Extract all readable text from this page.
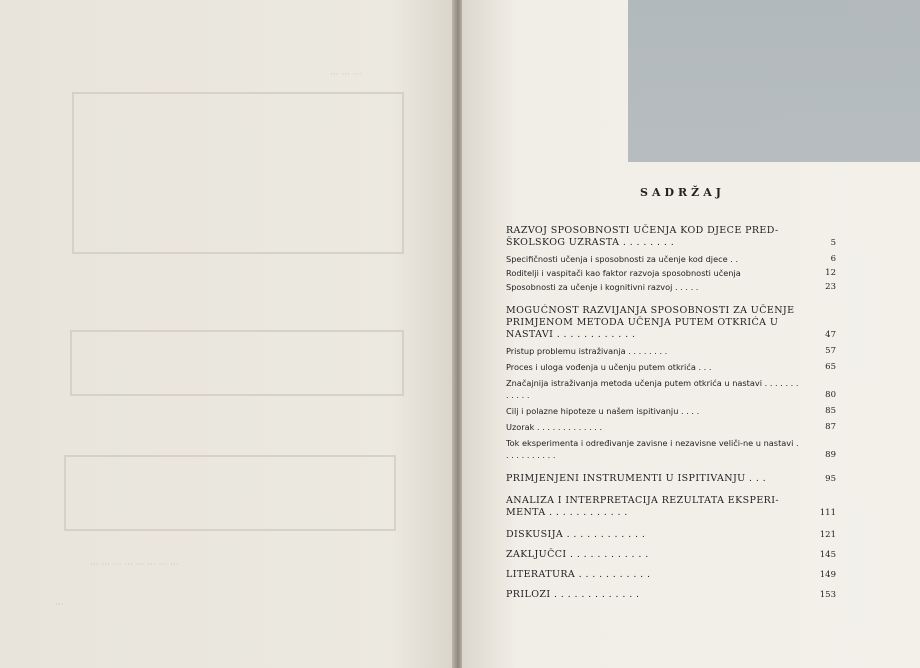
··· ··· ···
··· ··· ··· ··· ··· ··· ··· ···
···
SADRŽAJ
RAZVOJ SPOSOBNOSTI UČENJA KOD DJECE PRED-ŠKOLSKOG UZRASTA . . . . . . . .	5
Specifičnosti učenja i sposobnosti za učenje kod djece . .	6
Roditelji i vaspitači kao faktor razvoja sposobnosti učenja	12
Sposobnosti za učenje i kognitivni razvoj . . . . .	23
MOGUĆNOST RAZVIJANJA SPOSOBNOSTI ZA UČENJE PRIMJENOM METODA UČENJA PUTEM OTKRIĆA U NASTAVI . . . . . . . . . . . .	47
Pristup problemu istraživanja . . . . . . . .	57
Proces i uloga vođenja u učenju putem otkrića . . .	65
Značajnija istraživanja metoda učenja putem otkrića u nastavi . . . . . . . . . . . .	80
Cilj i polazne hipoteze u našem ispitivanju . . . .	85
Uzorak . . . . . . . . . . . . .	87
Tok eksperimenta i određivanje zavisne i nezavisne veliči-ne u nastavi . . . . . . . . . . .	89
PRIMJENJENI INSTRUMENTI U ISPITIVANJU . . .	95
ANALIZA I INTERPRETACIJA REZULTATA EKSPERI-MENTA . . . . . . . . . . . .	111
DISKUSIJA . . . . . . . . . . . .	121
ZAKLJUČCI . . . . . . . . . . . .	145
LITERATURA . . . . . . . . . . .	149
PRILOZI . . . . . . . . . . . . .	153
